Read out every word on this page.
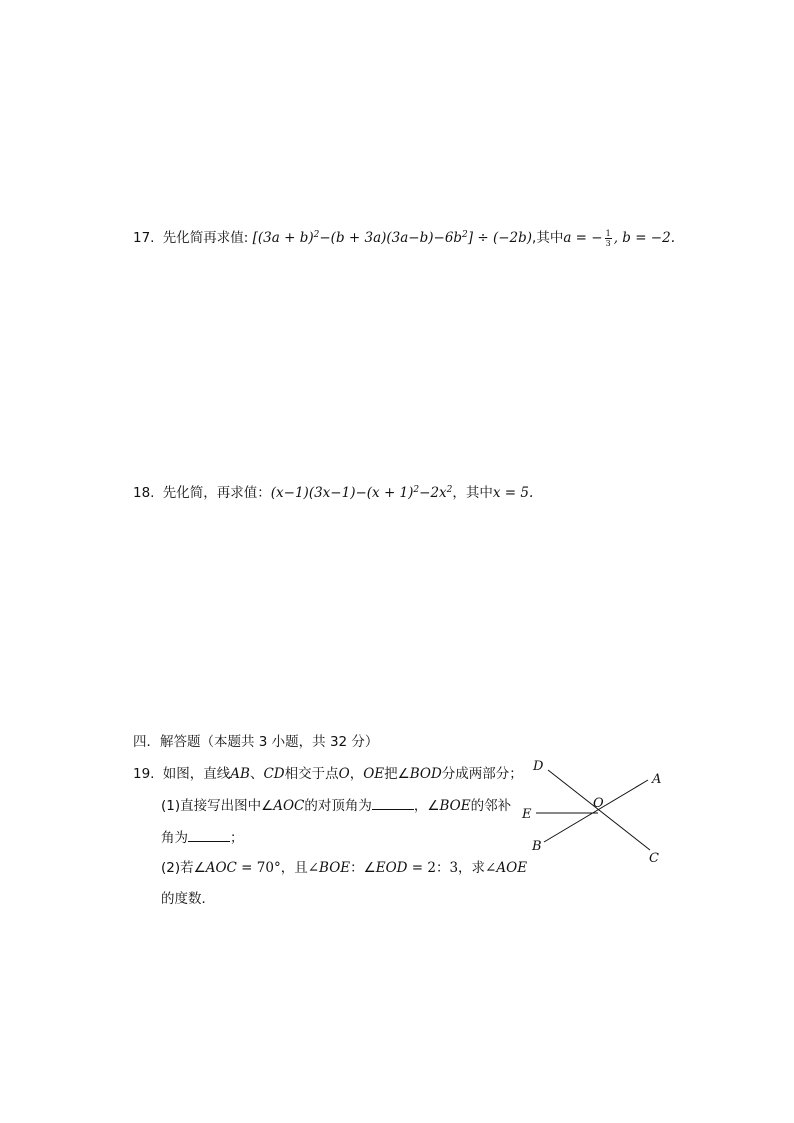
17. 先化简再求值: $[(3a + b)^2-(b + 3a)(3a-b)-6b^2] \div (-2b)$,其中a = − $\frac{1}{3}$ , b = −2.
18. 先化简，再求值：$(x-1)(3x-1)-(x + 1)^2-2x^2$，其中x = 5.
四．解答题（本题共 3 小题，共 32 分）
19. 如图，直线AB、CD相交于点O，OE把∠BOD分成两部分；
(1)直接写出图中∠AOC的对顶角为	，∠BOE的邻补
角为	；
(2)若∠AOC = 70°，且∠BOE：∠EOD = 2：3，求∠AOE
的度数．
D
A
O
E
B
C
